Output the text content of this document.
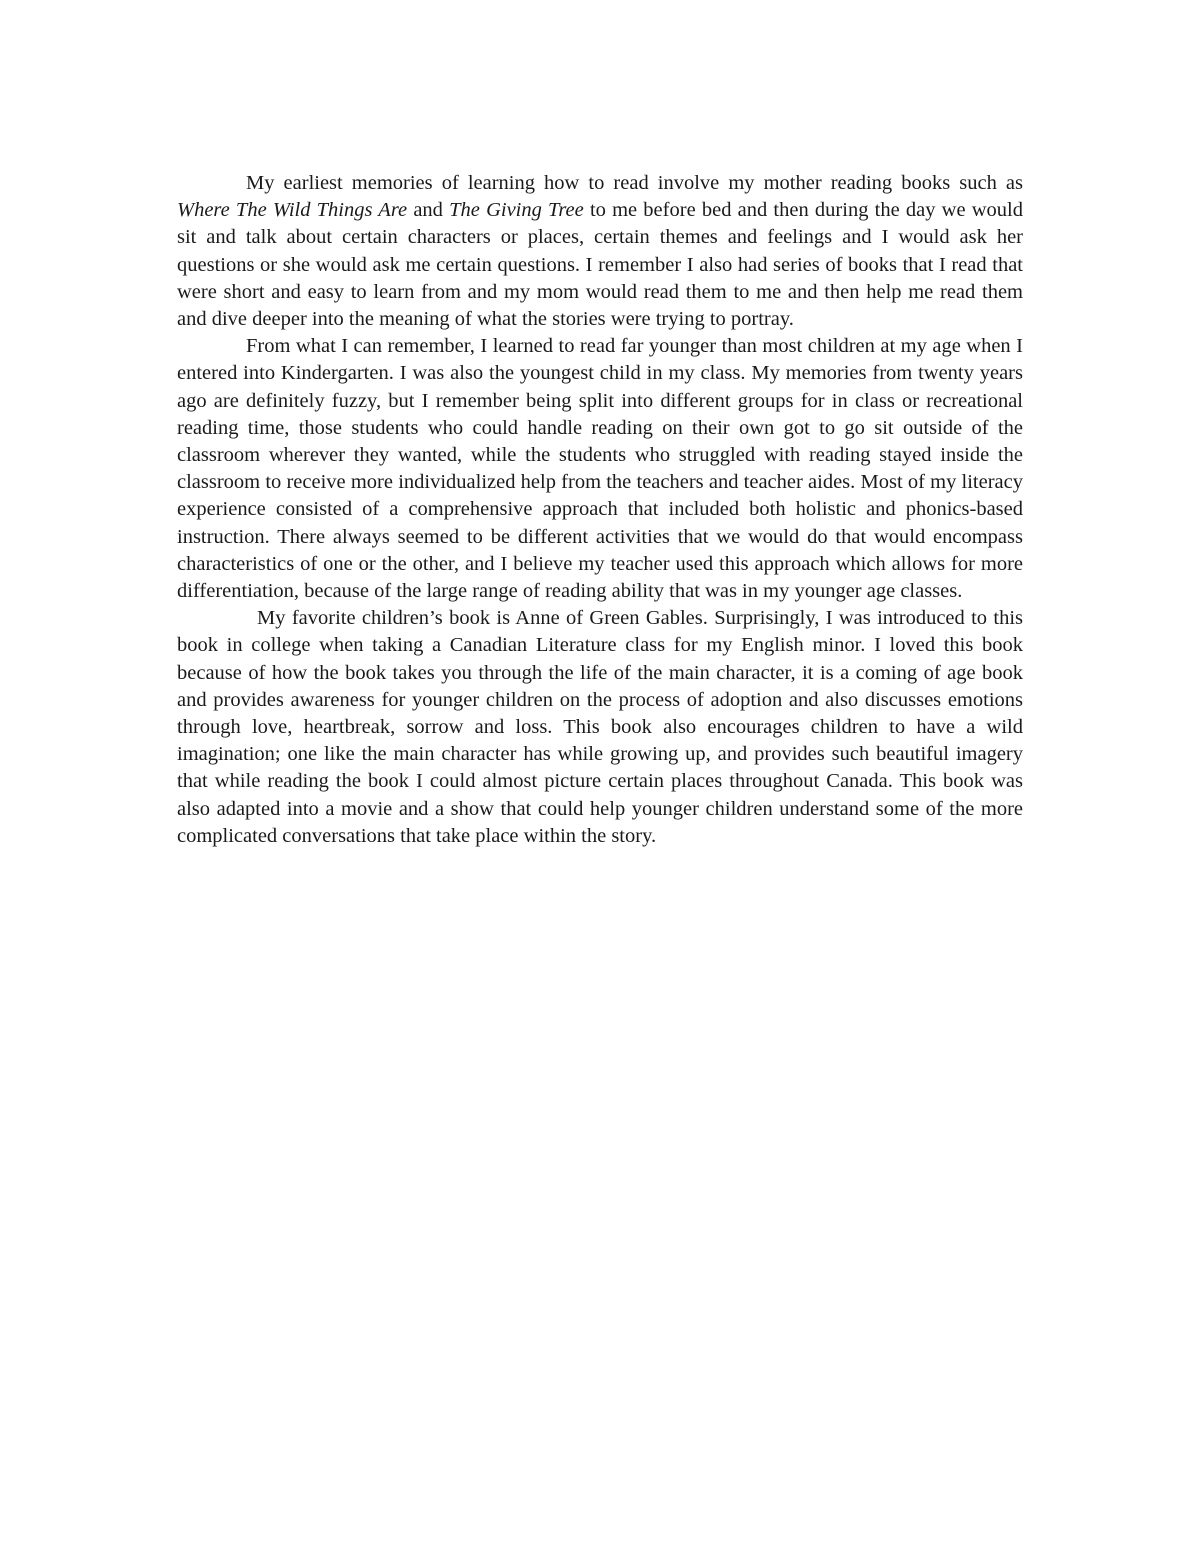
My earliest memories of learning how to read involve my mother reading books such as Where The Wild Things Are and The Giving Tree to me before bed and then during the day we would sit and talk about certain characters or places, certain themes and feelings and I would ask her questions or she would ask me certain questions. I remember I also had series of books that I read that were short and easy to learn from and my mom would read them to me and then help me read them and dive deeper into the meaning of what the stories were trying to portray.

From what I can remember, I learned to read far younger than most children at my age when I entered into Kindergarten. I was also the youngest child in my class. My memories from twenty years ago are definitely fuzzy, but I remember being split into different groups for in class or recreational reading time, those students who could handle reading on their own got to go sit outside of the classroom wherever they wanted, while the students who struggled with reading stayed inside the classroom to receive more individualized help from the teachers and teacher aides. Most of my literacy experience consisted of a comprehensive approach that included both holistic and phonics-based instruction. There always seemed to be different activities that we would do that would encompass characteristics of one or the other, and I believe my teacher used this approach which allows for more differentiation, because of the large range of reading ability that was in my younger age classes.

My favorite children’s book is Anne of Green Gables. Surprisingly, I was introduced to this book in college when taking a Canadian Literature class for my English minor. I loved this book because of how the book takes you through the life of the main character, it is a coming of age book and provides awareness for younger children on the process of adoption and also discusses emotions through love, heartbreak, sorrow and loss. This book also encourages children to have a wild imagination; one like the main character has while growing up, and provides such beautiful imagery that while reading the book I could almost picture certain places throughout Canada. This book was also adapted into a movie and a show that could help younger children understand some of the more complicated conversations that take place within the story.
